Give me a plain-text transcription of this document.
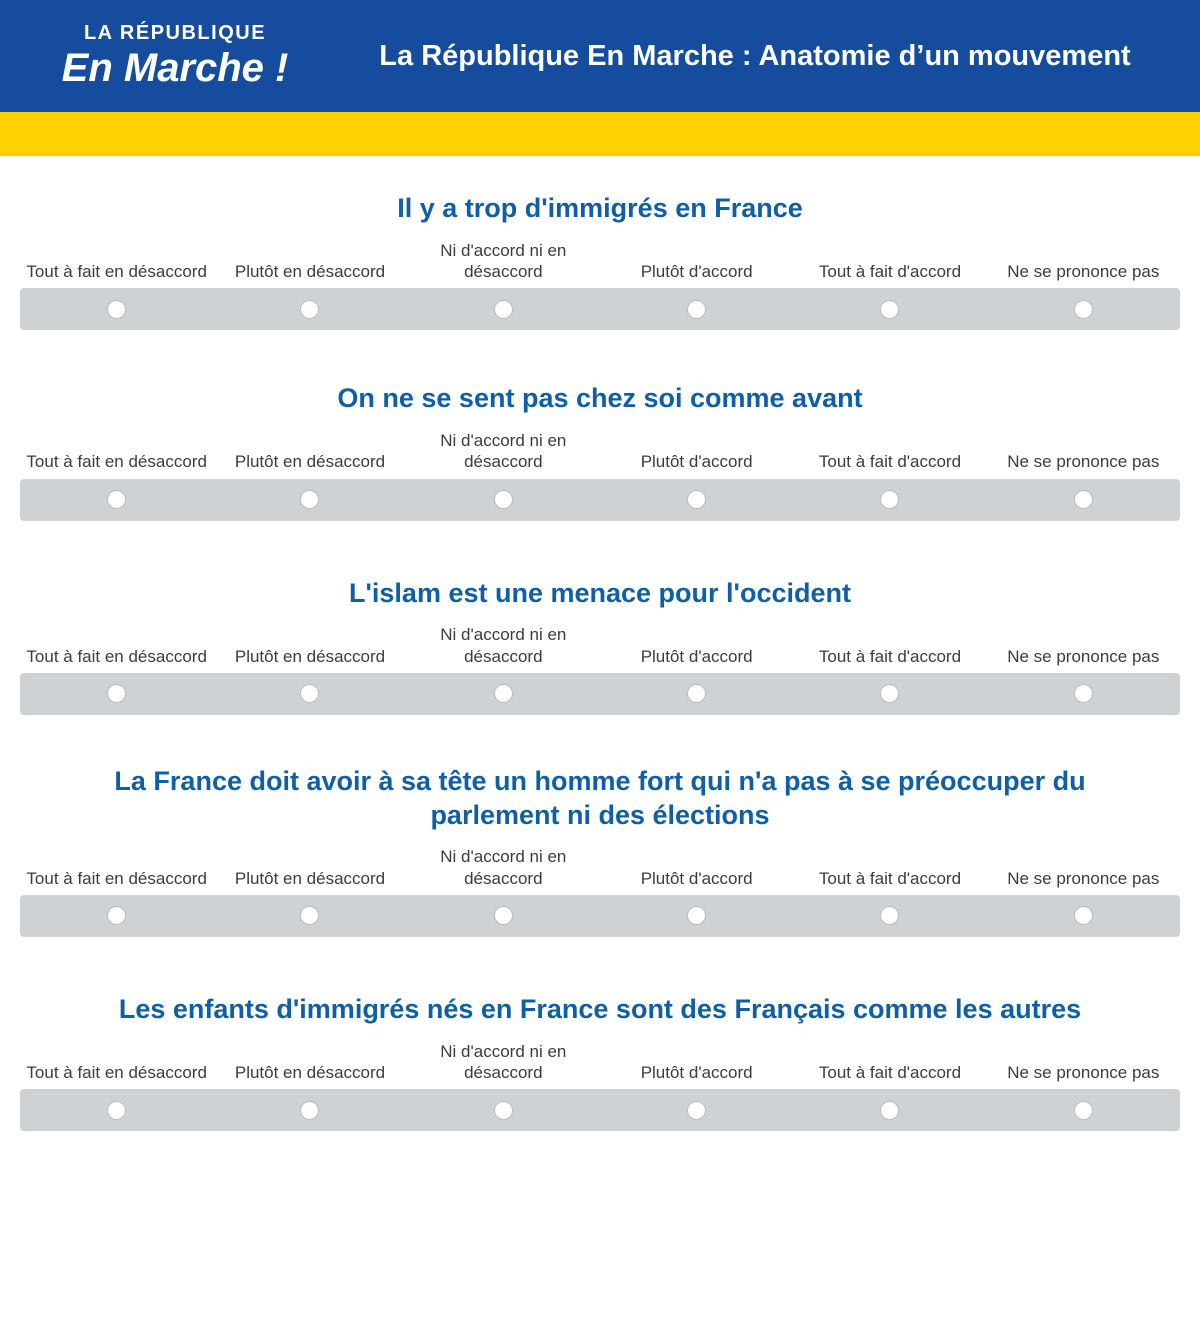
LA RÉPUBLIQUE
En Marche !	La République En Marche : Anatomie d’un mouvement
Il y a trop d'immigrés en France
Tout à fait en désaccord	Plutôt en désaccord
Ni d'accord ni en désaccord	Plutôt d'accord	Tout à fait d'accord	Ne se prononce pas
On ne se sent pas chez soi comme avant
Tout à fait en désaccord	Plutôt en désaccord
Ni d'accord ni en désaccord	Plutôt d'accord	Tout à fait d'accord	Ne se prononce pas
L'islam est une menace pour l'occident
Tout à fait en désaccord	Plutôt en désaccord
Ni d'accord ni en désaccord	Plutôt d'accord	Tout à fait d'accord	Ne se prononce pas
La France doit avoir à sa tête un homme fort qui n'a pas à se préoccuper du parlement ni des élections
Tout à fait en désaccord	Plutôt en désaccord
Ni d'accord ni en désaccord	Plutôt d'accord	Tout à fait d'accord	Ne se prononce pas
Les enfants d'immigrés nés en France sont des Français comme les autres
Tout à fait en désaccord	Plutôt en désaccord
Ni d'accord ni en désaccord	Plutôt d'accord	Tout à fait d'accord	Ne se prononce pas
